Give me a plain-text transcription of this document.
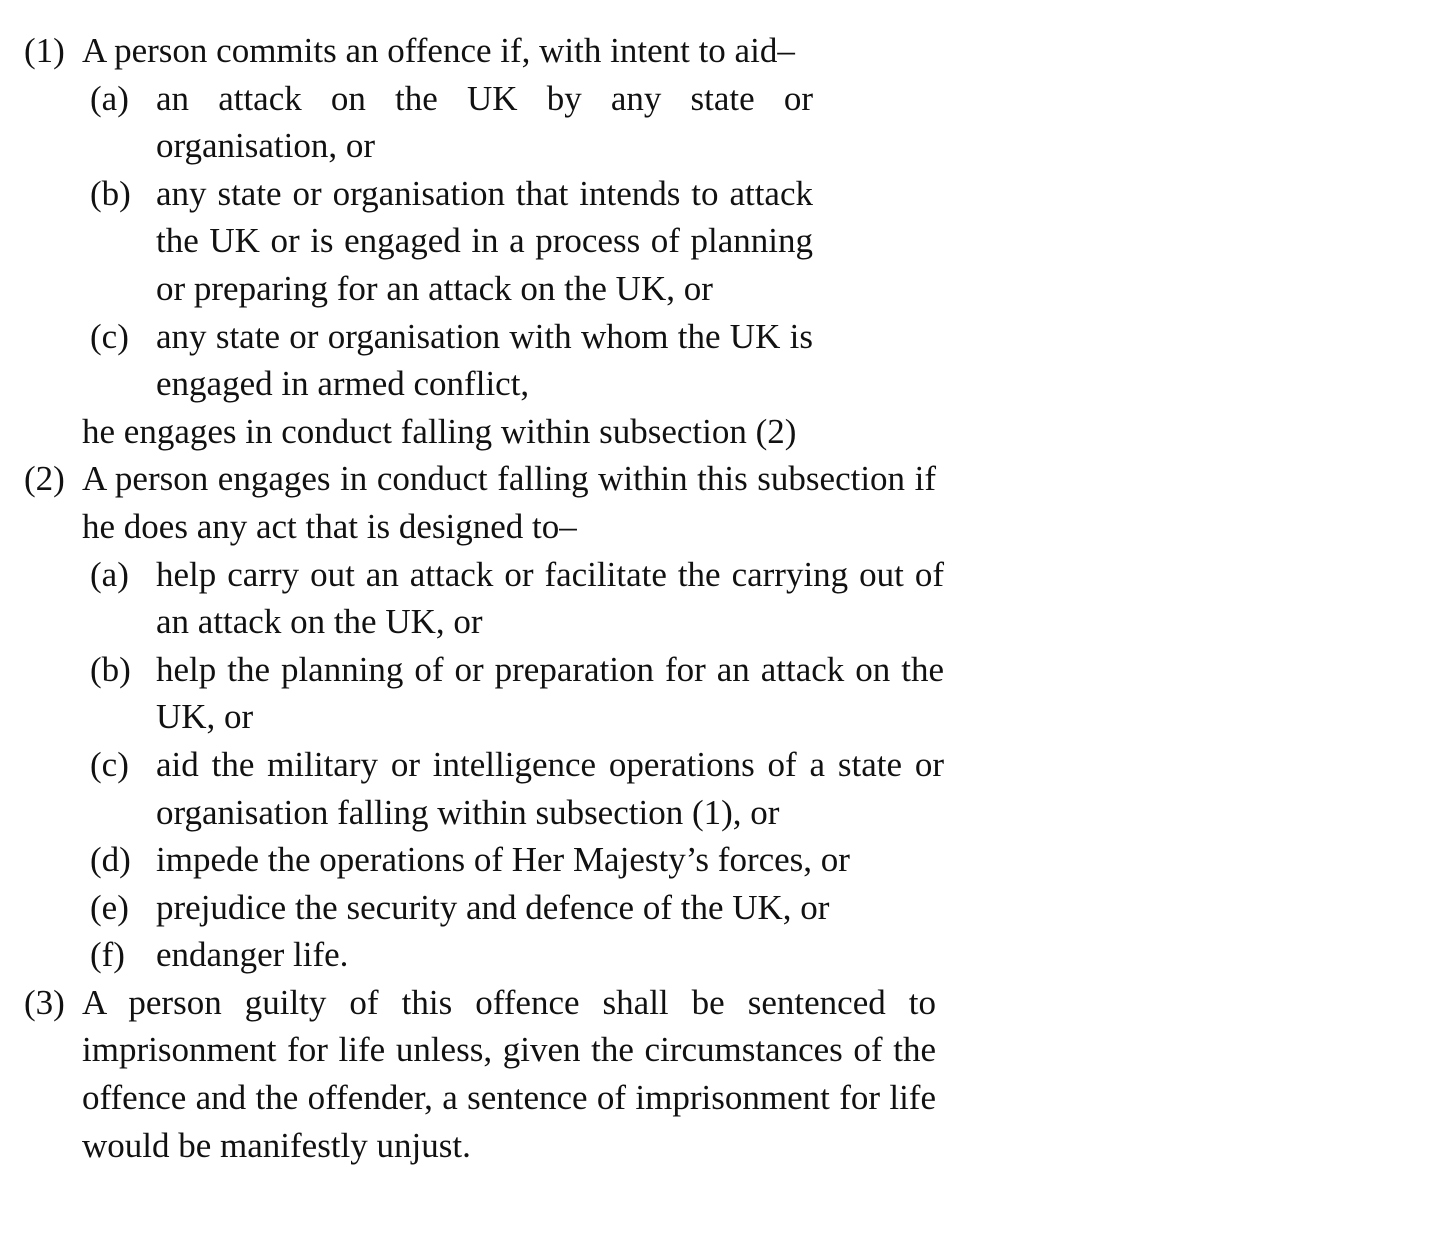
(1) A person commits an offence if, with intent to aid–
(a) an attack on the UK by any state or organisation, or
(b) any state or organisation that intends to attack the UK or is engaged in a process of planning or preparing for an attack on the UK, or
(c) any state or organisation with whom the UK is engaged in armed conflict,
he engages in conduct falling within subsection (2)
(2) A person engages in conduct falling within this subsection if he does any act that is designed to–
(a) help carry out an attack or facilitate the carrying out of an attack on the UK, or
(b) help the planning of or preparation for an attack on the UK, or
(c) aid the military or intelligence operations of a state or organisation falling within subsection (1), or
(d) impede the operations of Her Majesty’s forces, or
(e) prejudice the security and defence of the UK, or
(f) endanger life.
(3) A person guilty of this offence shall be sentenced to imprisonment for life unless, given the circumstances of the offence and the offender, a sentence of imprisonment for life would be manifestly unjust.
